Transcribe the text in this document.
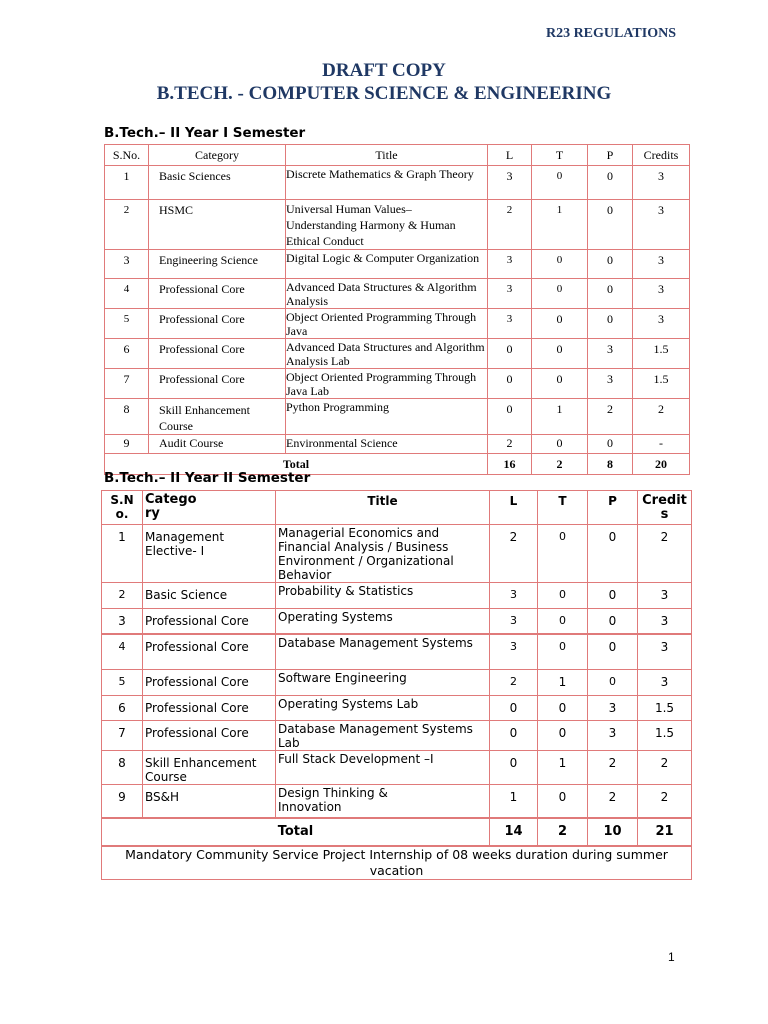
R23 REGULATIONS
DRAFT COPY
B.TECH. - COMPUTER SCIENCE & ENGINEERING
B.Tech.– II Year I Semester
S.No.	Category	Title	L	T	P	Credits
1	Basic Sciences	Discrete Mathematics & Graph Theory	3	0	0	3
2	HSMC	Universal Human Values– Understanding Harmony & Human Ethical Conduct	2	1	0	3
3	Engineering Science	Digital Logic & Computer Organization	3	0	0	3
4	Professional Core	Advanced Data Structures & Algorithm Analysis	3	0	0	3
5	Professional Core	Object Oriented Programming Through Java	3	0	0	3
6	Professional Core	Advanced Data Structures and Algorithm Analysis Lab	0	0	3	1.5
7	Professional Core	Object Oriented Programming Through Java Lab	0	0	3	1.5
8	Skill Enhancement Course	Python Programming	0	1	2	2
9	Audit Course	Environmental Science	2	0	0	-
Total			16	2	8	20
B.Tech.– II Year II Semester
S.No.	Category	Title	L	T	P	Credits
1	Management Elective- I	Managerial Economics and Financial Analysis / Business Environment / Organizational Behavior	2	0	0	2
2	Basic Science	Probability & Statistics	3	0	0	3
3	Professional Core	Operating Systems	3	0	0	3
4	Professional Core	Database Management Systems	3	0	0	3
5	Professional Core	Software Engineering	2	1	0	3
6	Professional Core	Operating Systems Lab	0	0	3	1.5
7	Professional Core	Database Management Systems Lab	0	0	3	1.5
8	Skill Enhancement Course	Full Stack Development –I	0	1	2	2
9	BS&H	Design Thinking & Innovation	1	0	2	2
Total			14	2	10	21
Mandatory Community Service Project Internship of 08 weeks duration during summer vacation						
1
